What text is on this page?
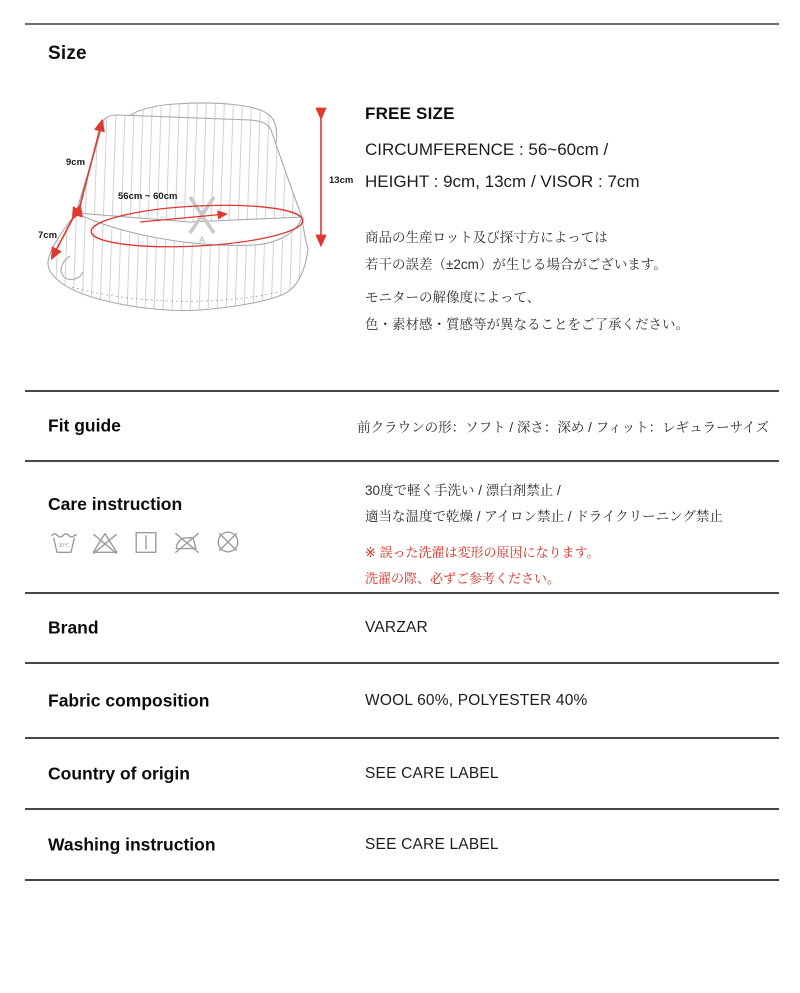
Size
A
9cm
7cm
56cm ~ 60cm
13cm
FREE SIZE
CIRCUMFERENCE : 56~60cm /
HEIGHT : 9cm, 13cm / VISOR : 7cm
商品の生産ロット及び探寸方によっては
若干の誤差（±2cm）が生じる場合がございます。
モニターの解像度によって、
色・素材感・質感等が異なることをご了承ください。
Fit guide	前クラウンの形：ソフト / 深さ：深め / フィット：レギュラーサイズ
Care instruction
30℃
30度で軽く手洗い / 漂白剤禁止 /
適当な温度で乾燥 / アイロン禁止 / ドライクリーニング禁止
※ 誤った洗濯は変形の原因になります。
洗濯の際、必ずご参考ください。
Brand	VARZAR
Fabric composition	WOOL 60%, POLYESTER 40%
Country of origin	SEE CARE LABEL
Washing instruction	SEE CARE LABEL
